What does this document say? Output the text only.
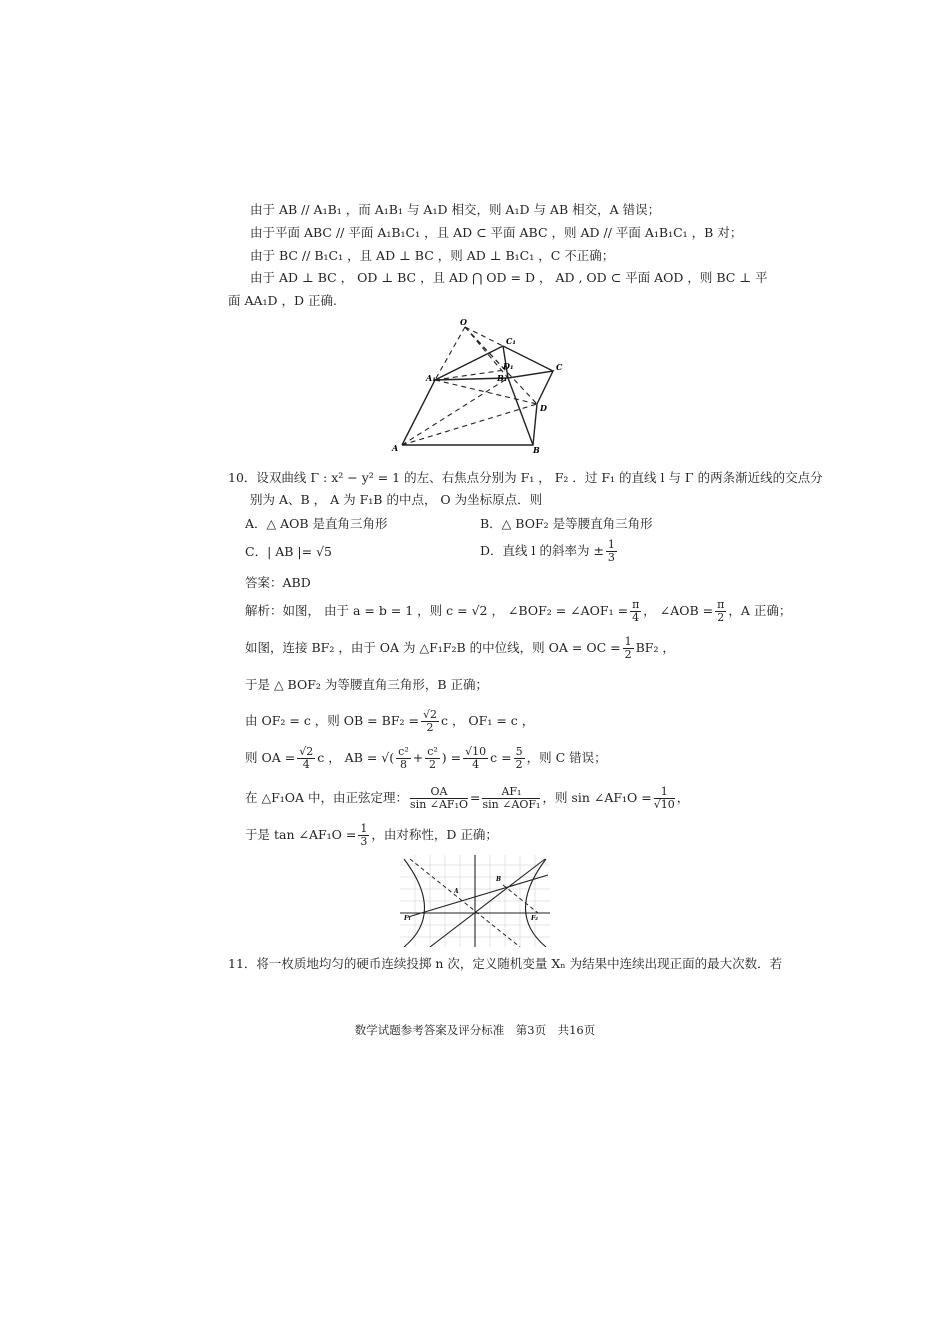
由于 AB // A₁B₁ ，而 A₁B₁ 与 A₁D 相交，则 A₁D 与 AB 相交，A 错误；
由于平面 ABC // 平面 A₁B₁C₁ ，且 AD ⊂ 平面 ABC ，则 AD // 平面 A₁B₁C₁ ，B 对；
由于 BC // B₁C₁ ，且 AD ⊥ BC ，则 AD ⊥ B₁C₁ ，C 不正确；
由于 AD ⊥ BC ， OD ⊥ BC ，且 AD ⋂ OD = D ， AD , OD ⊂ 平面 AOD ，则 BC ⊥ 平
面 AA₁D ，D 正确.
O
C₁
C
D₁
B₁
A₁
D
A	B
10．设双曲线 Γ : x² − y² = 1 的左、右焦点分别为 F₁ ， F₂ ．过 F₁ 的直线 l 与 Γ 的两条渐近线的交点分
别为 A、B ， A 为 F₁B 的中点， O 为坐标原点．则
A．△ AOB 是直角三角形	B．△ BOF₂ 是等腰直角三角形
C．| AB |= √5	D．直线 l 的斜率为 ± $\frac{1}{3}$
答案：ABD
解析：如图， 由于 a = b = 1 ，则 c = √2 ， ∠BOF₂ = ∠AOF₁ = $\frac{\pi}{4}$ ， ∠AOB = $\frac{\pi}{2}$ ，A 正确；
如图，连接 BF₂ ，由于 OA 为 △F₁F₂B 的中位线，则 OA = OC = $\frac{1}{2} BF_2$ ，
于是 △ BOF₂ 为等腰直角三角形，B 正确；
由 OF₂ = c ，则 OB = $BF_2 = \frac{√2}{2}$ c ， OF₁ = c ，
则 OA = $\frac{√2}{4}$ c ， AB = √( $\frac{\text{c²}}{8} + \frac{\text{c²}}{2}$ ) = $\frac{√10}{4}$ $c = \frac{5}{2}$ ，则 C 错误；
在 △F₁OA 中，由正弦定理： $\frac{OA}{\text{sin ∠AF₁O}} = \frac{\text{AF₁}}{\text{sin ∠AOF₁}}$ ，则 sin ∠AF₁O = $\frac{1}{√10}$ ，
于是 tan ∠AF₁O = $\frac{1}{3}$ ，由对称性，D 正确；
F₁	F₂
A
B
11．将一枚质地均匀的硬币连续投掷 n 次，定义随机变量 Xₙ 为结果中连续出现正面的最大次数．若
数学试题参考答案及评分标准　第3页　共16页
